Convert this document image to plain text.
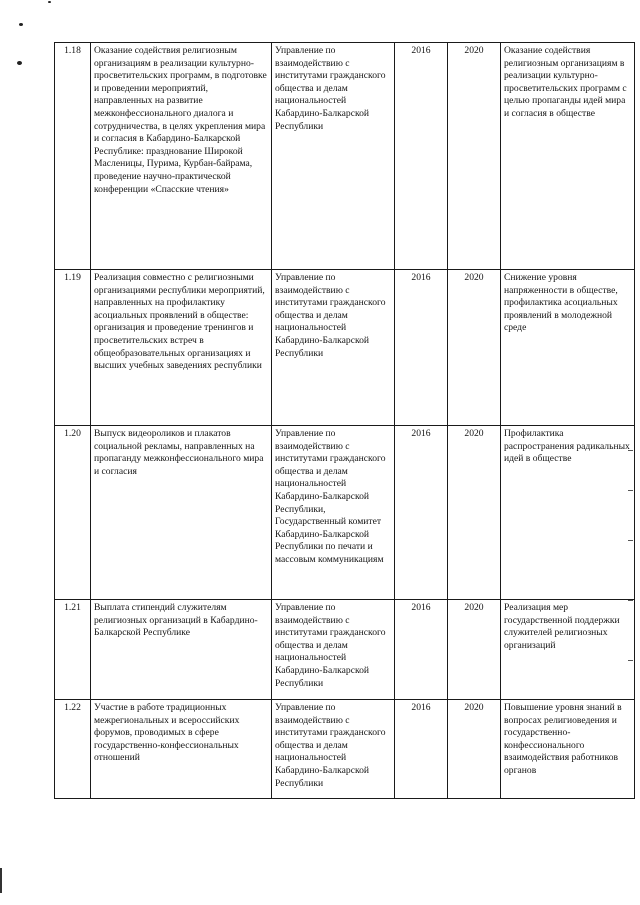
1.18	Оказание содействия религиозным организациям в реализации культурно-просветительских программ, в подготовке и проведении мероприятий, направленных на развитие межконфессионального диалога и сотрудничества, в целях укрепления мира и согласия в Кабардино-Балкарской Республике: празднование Широкой Масленицы, Пурима, Курбан-байрама, проведение научно-практической конференции «Спасские чтения»	Управление по взаимодействию с институтами гражданского общества и делам национальностей Кабардино-Балкарской Республики	2016	2020	Оказание содействия религиозным организациям в реализации культурно-просветительских программ с целью пропаганды идей мира и согласия в обществе
1.19	Реализация совместно с религиозными организациями республики мероприятий, направленных на профилактику асоциальных проявлений в обществе: организация и проведение тренингов и просветительских встреч в общеобразовательных организациях и высших учебных заведениях республики	Управление по взаимодействию с институтами гражданского общества и делам национальностей Кабардино-Балкарской Республики	2016	2020	Снижение уровня напряженности в обществе, профилактика асоциальных проявлений в молодежной среде
1.20	Выпуск видеороликов и плакатов социальной рекламы, направленных на пропаганду межконфессионального мира и согласия	Управление по взаимодействию с институтами гражданского общества и делам национальностей Кабардино-Балкарской Республики, Государственный комитет Кабардино-Балкарской Республики по печати и массовым коммуникациям	2016	2020	Профилактика распространения радикальных идей в обществе
1.21	Выплата стипендий служителям религиозных организаций в Кабардино-Балкарской Республике	Управление по взаимодействию с институтами гражданского общества и делам национальностей Кабардино-Балкарской Республики	2016	2020	Реализация мер государственной поддержки служителей религиозных организаций
1.22	Участие в работе традиционных межрегиональных и всероссийских форумов, проводимых в сфере государственно-конфессиональных отношений	Управление по взаимодействию с институтами гражданского общества и делам национальностей Кабардино-Балкарской Республики	2016	2020	Повышение уровня знаний в вопросах религиоведения и государственно-конфессионального взаимодействия работников органов
